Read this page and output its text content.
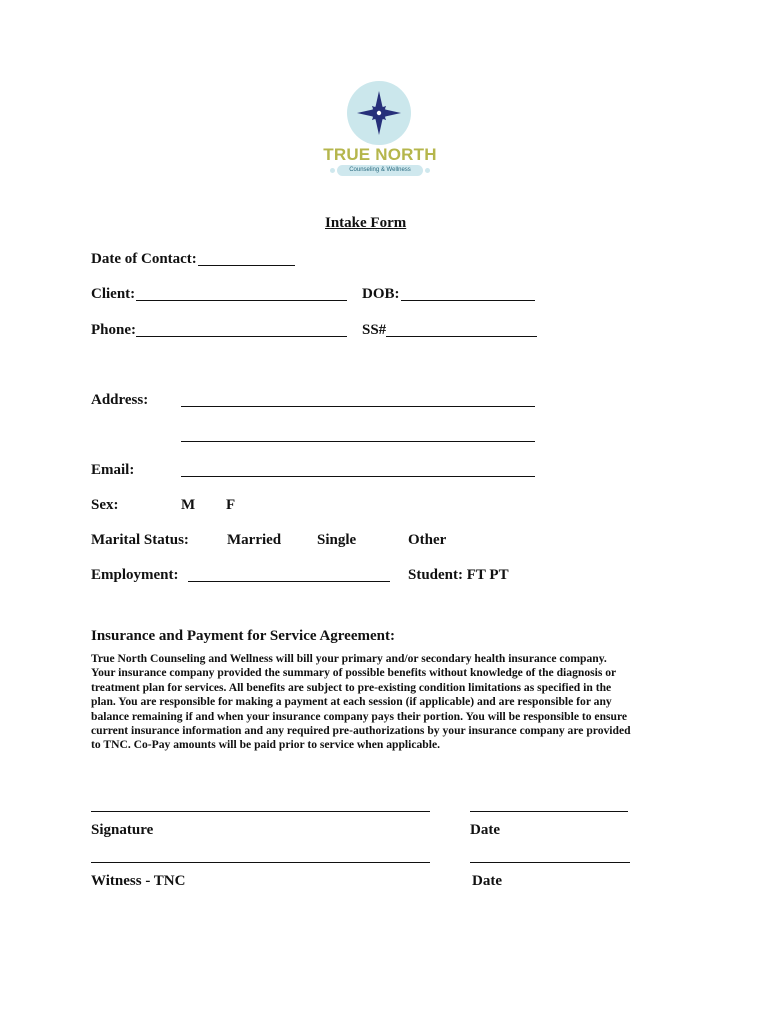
TRUE NORTH
Counseling & Wellness
Intake Form
Date of Contact:
Client:	DOB:
Phone:	SS#
Address:
Email:
Sex:	M F
Marital Status:	Married Single	Other
Employment:	Student: FT PT
Insurance and Payment for Service Agreement:
True North Counseling and Wellness will bill your primary and/or secondary health insurance company.
Your insurance company provided the summary of possible benefits without knowledge of the diagnosis or
treatment plan for services. All benefits are subject to pre-existing condition limitations as specified in the
plan. You are responsible for making a payment at each session (if applicable) and are responsible for any
balance remaining if and when your insurance company pays their portion. You will be responsible to ensure
current insurance information and any required pre-authorizations by your insurance company are provided
to TNC. Co-Pay amounts will be paid prior to service when applicable.
Signature	Date
Witness - TNC	Date
